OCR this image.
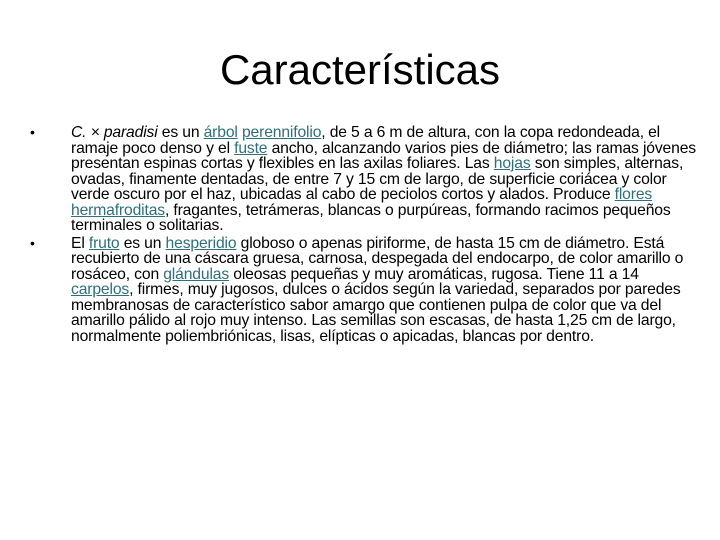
Características
•	C. × paradisi es un árbol perennifolio, de 5 a 6 m de altura, con la copa redondeada, el ramaje poco denso y el fuste ancho, alcanzando varios pies de diámetro; las ramas jóvenes presentan espinas cortas y flexibles en las axilas foliares. Las hojas son simples, alternas, ovadas, finamente dentadas, de entre 7 y 15 cm de largo, de superficie coriácea y color verde oscuro por el haz, ubicadas al cabo de peciolos cortos y alados. Produce flores hermafroditas, fragantes, tetrámeras, blancas o purpúreas, formando racimos pequeños terminales o solitarias.
•	El fruto es un hesperidio globoso o apenas piriforme, de hasta 15 cm de diámetro. Está recubierto de una cáscara gruesa, carnosa, despegada del endocarpo, de color amarillo o rosáceo, con glándulas oleosas pequeñas y muy aromáticas, rugosa. Tiene 11 a 14 carpelos, firmes, muy jugosos, dulces o ácidos según la variedad, separados por paredes membranosas de característico sabor amargo que contienen pulpa de color que va del amarillo pálido al rojo muy intenso. Las semillas son escasas, de hasta 1,25 cm de largo, normalmente poliembriónicas, lisas, elípticas o apicadas, blancas por dentro.
